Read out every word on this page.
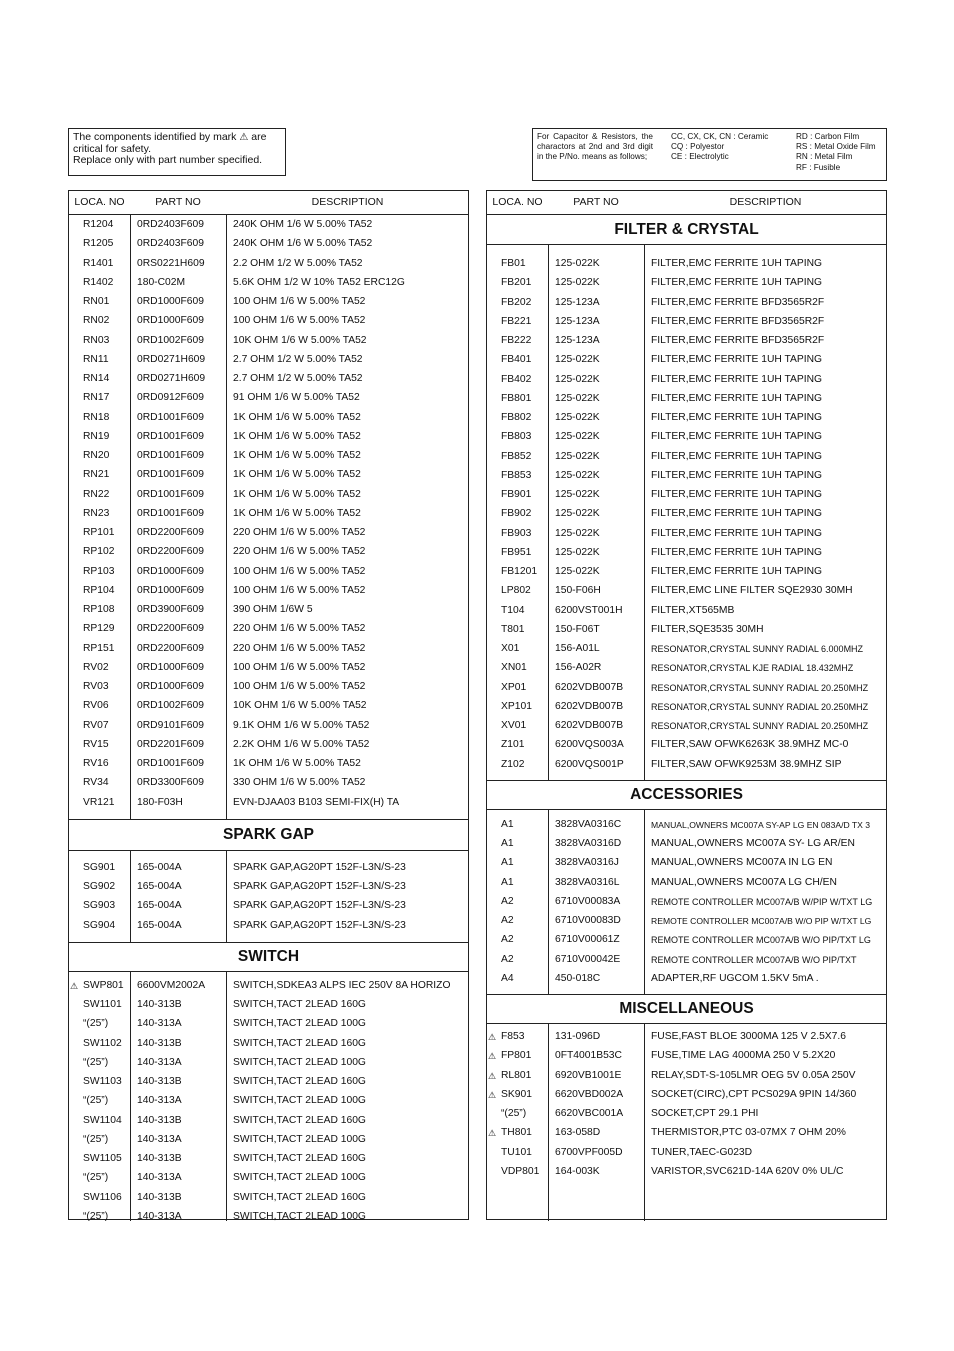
The components identified by mark ⚠ are
critical for safety.
Replace only with part number specified.
For Capacitor & Resistors, the charactors at 2nd and 3rd digit in the P/No. means as follows;
CC, CX, CK, CN : Ceramic
CQ : Polyestor
CE : Electrolytic
RD : Carbon Film
RS : Metal Oxide Film
RN : Metal Film
RF : Fusible
LOCA. NO	PART NO	DESCRIPTION
R1204 0RD2403F609	240K OHM 1/6 W 5.00% TA52
R1205 0RD2403F609	240K OHM 1/6 W 5.00% TA52
R1401 0RS0221H609	2.2 OHM 1/2 W 5.00% TA52
R1402 180-C02M	5.6K OHM 1/2 W 10% TA52 ERC12G
RN01	0RD1000F609	100 OHM 1/6 W 5.00% TA52
RN02	0RD1000F609	100 OHM 1/6 W 5.00% TA52
RN03	0RD1002F609	10K OHM 1/6 W 5.00% TA52
RN11	0RD0271H609	2.7 OHM 1/2 W 5.00% TA52
RN14	0RD0271H609	2.7 OHM 1/2 W 5.00% TA52
RN17	0RD0912F609	91 OHM 1/6 W 5.00% TA52
RN18	0RD1001F609	1K OHM 1/6 W 5.00% TA52
RN19	0RD1001F609	1K OHM 1/6 W 5.00% TA52
RN20	0RD1001F609	1K OHM 1/6 W 5.00% TA52
RN21	0RD1001F609	1K OHM 1/6 W 5.00% TA52
RN22	0RD1001F609	1K OHM 1/6 W 5.00% TA52
RN23	0RD1001F609	1K OHM 1/6 W 5.00% TA52
RP101 0RD2200F609	220 OHM 1/6 W 5.00% TA52
RP102 0RD2200F609	220 OHM 1/6 W 5.00% TA52
RP103 0RD1000F609	100 OHM 1/6 W 5.00% TA52
RP104 0RD1000F609	100 OHM 1/6 W 5.00% TA52
RP108 0RD3900F609	390 OHM 1/6W 5
RP129 0RD2200F609	220 OHM 1/6 W 5.00% TA52
RP151 0RD2200F609	220 OHM 1/6 W 5.00% TA52
RV02	0RD1000F609	100 OHM 1/6 W 5.00% TA52
RV03	0RD1000F609	100 OHM 1/6 W 5.00% TA52
RV06	0RD1002F609	10K OHM 1/6 W 5.00% TA52
RV07	0RD9101F609	9.1K OHM 1/6 W 5.00% TA52
RV15	0RD2201F609	2.2K OHM 1/6 W 5.00% TA52
RV16	0RD1001F609	1K OHM 1/6 W 5.00% TA52
RV34	0RD3300F609	330 OHM 1/6 W 5.00% TA52
VR121 180-F03H	EVN-DJAA03 B103 SEMI-FIX(H) TA
SPARK GAP
SG901 165-004A	SPARK GAP,AG20PT 152F-L3N/S-23
SG902 165-004A	SPARK GAP,AG20PT 152F-L3N/S-23
SG903 165-004A	SPARK GAP,AG20PT 152F-L3N/S-23
SG904 165-004A	SPARK GAP,AG20PT 152F-L3N/S-23
SWITCH
⚠ SWP801 6600VM2002A	SWITCH,SDKEA3 ALPS IEC 250V 8A HORIZO
SW1101 140-313B	SWITCH,TACT 2LEAD 160G
“(25”)	140-313A	SWITCH,TACT 2LEAD 100G
SW1102 140-313B	SWITCH,TACT 2LEAD 160G
“(25”)	140-313A	SWITCH,TACT 2LEAD 100G
SW1103 140-313B	SWITCH,TACT 2LEAD 160G
“(25”)	140-313A	SWITCH,TACT 2LEAD 100G
SW1104 140-313B	SWITCH,TACT 2LEAD 160G
“(25”)	140-313A	SWITCH,TACT 2LEAD 100G
SW1105 140-313B	SWITCH,TACT 2LEAD 160G
“(25”)	140-313A	SWITCH,TACT 2LEAD 100G
SW1106 140-313B	SWITCH,TACT 2LEAD 160G
“(25”)	140-313A	SWITCH,TACT 2LEAD 100G
LOCA. NO	PART NO	DESCRIPTION
FILTER & CRYSTAL
FB01	125-022K	FILTER,EMC FERRITE 1UH TAPING
FB201 125-022K	FILTER,EMC FERRITE 1UH TAPING
FB202 125-123A	FILTER,EMC FERRITE BFD3565R2F
FB221 125-123A	FILTER,EMC FERRITE BFD3565R2F
FB222 125-123A	FILTER,EMC FERRITE BFD3565R2F
FB401 125-022K	FILTER,EMC FERRITE 1UH TAPING
FB402 125-022K	FILTER,EMC FERRITE 1UH TAPING
FB801 125-022K	FILTER,EMC FERRITE 1UH TAPING
FB802 125-022K	FILTER,EMC FERRITE 1UH TAPING
FB803 125-022K	FILTER,EMC FERRITE 1UH TAPING
FB852 125-022K	FILTER,EMC FERRITE 1UH TAPING
FB853 125-022K	FILTER,EMC FERRITE 1UH TAPING
FB901 125-022K	FILTER,EMC FERRITE 1UH TAPING
FB902 125-022K	FILTER,EMC FERRITE 1UH TAPING
FB903 125-022K	FILTER,EMC FERRITE 1UH TAPING
FB951 125-022K	FILTER,EMC FERRITE 1UH TAPING
FB1201 125-022K	FILTER,EMC FERRITE 1UH TAPING
LP802 150-F06H	FILTER,EMC LINE FILTER SQE2930 30MH
T104	6200VST001H	FILTER,XT565MB
T801	150-F06T	FILTER,SQE3535 30MH
X01	156-A01L	RESONATOR,CRYSTAL SUNNY RADIAL 6.000MHZ
XN01	156-A02R	RESONATOR,CRYSTAL KJE RADIAL 18.432MHZ
XP01	6202VDB007B	RESONATOR,CRYSTAL SUNNY RADIAL 20.250MHZ
XP101 6202VDB007B	RESONATOR,CRYSTAL SUNNY RADIAL 20.250MHZ
XV01	6202VDB007B	RESONATOR,CRYSTAL SUNNY RADIAL 20.250MHZ
Z101	6200VQS003A	FILTER,SAW OFWK6263K 38.9MHZ MC-0
Z102	6200VQS001P	FILTER,SAW OFWK9253M 38.9MHZ SIP
ACCESSORIES
A1	3828VA0316C	MANUAL,OWNERS MC007A SY-AP LG EN 083A/D TX 3
A1	3828VA0316D	MANUAL,OWNERS MC007A SY- LG AR/EN
A1	3828VA0316J	MANUAL,OWNERS MC007A IN LG EN
A1	3828VA0316L	MANUAL,OWNERS MC007A LG CH/EN
A2	6710V00083A	REMOTE CONTROLLER MC007A/B W/PIP W/TXT LG
A2	6710V00083D	REMOTE CONTROLLER MC007A/B W/O PIP W/TXT LG
A2	6710V00061Z	REMOTE CONTROLLER MC007A/B W/O PIP/TXT LG
A2	6710V00042E	REMOTE CONTROLLER MC007A/B W/O PIP/TXT
A4	450-018C	ADAPTER,RF UGCOM 1.5KV 5mA .
MISCELLANEOUS
⚠ F853	131-096D	FUSE,FAST BLOE 3000MA 125 V 2.5X7.6
⚠ FP801 0FT4001B53C	FUSE,TIME LAG 4000MA 250 V 5.2X20
⚠ RL801 6920VB1001E	RELAY,SDT-S-105LMR OEG 5V 0.05A 250V
⚠ SK901 6620VBD002A	SOCKET(CIRC),CPT PCS029A 9PIN 14/360
“(25”)	6620VBC001A	SOCKET,CPT 29.1 PHI
⚠ TH801 163-058D	THERMISTOR,PTC 03-07MX 7 OHM 20%
TU101 6700VPF005D	TUNER,TAEC-G023D
VDP801 164-003K	VARISTOR,SVC621D-14A 620V 0% UL/C
